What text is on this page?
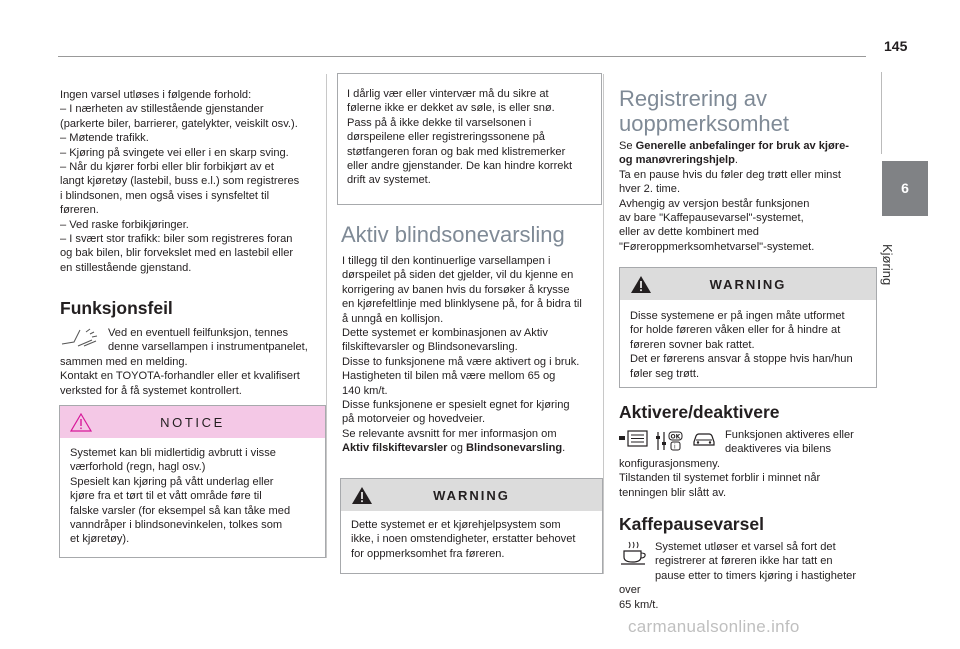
145
6
Kjøring

Ingen varsel utløses i følgende forhold:

– I nærheten av stillestående gjenstander

(parkerte biler, barrierer, gatelykter, veiskilt osv.).

– Møtende trafikk.

– Kjøring på svingete vei eller i en skarp sving.

– Når du kjører forbi eller blir forbikjørt av et

langt kjøretøy (lastebil, buss e.l.) som registreres

i blindsonen, men også vises i synsfeltet til

føreren.

– Ved raske forbikjøringer.

– I svært stor trafikk: biler som registreres foran

og bak bilen, blir forvekslet med en lastebil eller

en stillestående gjenstand.

Funksjonsfeil

Ved en eventuell feilfunksjon, tennes

denne varsellampen i instrumentpanelet,

sammen med en melding.

Kontakt en TOYOTA-forhandler eller et kvalifisert

verksted for å få systemet kontrollert.

NOTICE

Systemet kan bli midlertidig avbrutt i visse

værforhold (regn, hagl osv.)

Spesielt kan kjøring på vått underlag eller

kjøre fra et tørt til et vått område føre til

falske varsler (for eksempel så kan tåke med

vanndråper i blindsonevinkelen, tolkes som

et kjøretøy).

I dårlig vær eller vintervær må du sikre at

følerne ikke er dekket av søle, is eller snø.

Pass på å ikke dekke til varselsonen i

dørspeilene eller registreringssonene på

støtfangeren foran og bak med klistremerker

eller andre gjenstander. De kan hindre korrekt

drift av systemet.

Aktiv blindsonevarsling

I tillegg til den kontinuerlige varsellampen i

dørspeilet på siden det gjelder, vil du kjenne en

korrigering av banen hvis du forsøker å krysse

en kjørefeltlinje med blinklysene på, for å bidra til

å unngå en kollisjon.

Dette systemet er kombinasjonen av Aktiv

filskiftevarsler og Blindsonevarsling.

Disse to funksjonene må være aktivert og i bruk.

Hastigheten til bilen må være mellom 65 og

140 km/t.

Disse funksjonene er spesielt egnet for kjøring

på motorveier og hovedveier.

Se relevante avsnitt for mer informasjon om

Aktiv filskiftevarsler og Blindsonevarsling.

WARNING

Dette systemet er et kjørehjelpsystem som

ikke, i noen omstendigheter, erstatter behovet

for oppmerksomhet fra føreren.

Registrering av
uoppmerksomhet

Se Generelle anbefalinger for bruk av kjøre-

og manøvreringshjelp.

Ta en pause hvis du føler deg trøtt eller minst

hver 2. time.

Avhengig av versjon består funksjonen

av bare "Kaffepausevarsel"-systemet,

eller av dette kombinert med

"Føreroppmerksomhetvarsel"-systemet.

WARNING

Disse systemene er på ingen måte utformet

for holde føreren våken eller for å hindre at

føreren sovner bak rattet.

Det er førerens ansvar å stoppe hvis han/hun

føler seg trøtt.

Aktivere/deaktivere
OK
i

Funksjonen aktiveres eller

deaktiveres via bilens

konfigurasjonsmeny.

Tilstanden til systemet forblir i minnet når

tenningen blir slått av.

Kaffepausevarsel

Systemet utløser et varsel så fort det

registrerer at føreren ikke har tatt en

pause etter to timers kjøring i hastigheter over

65 km/t.

carmanualsonline.info
